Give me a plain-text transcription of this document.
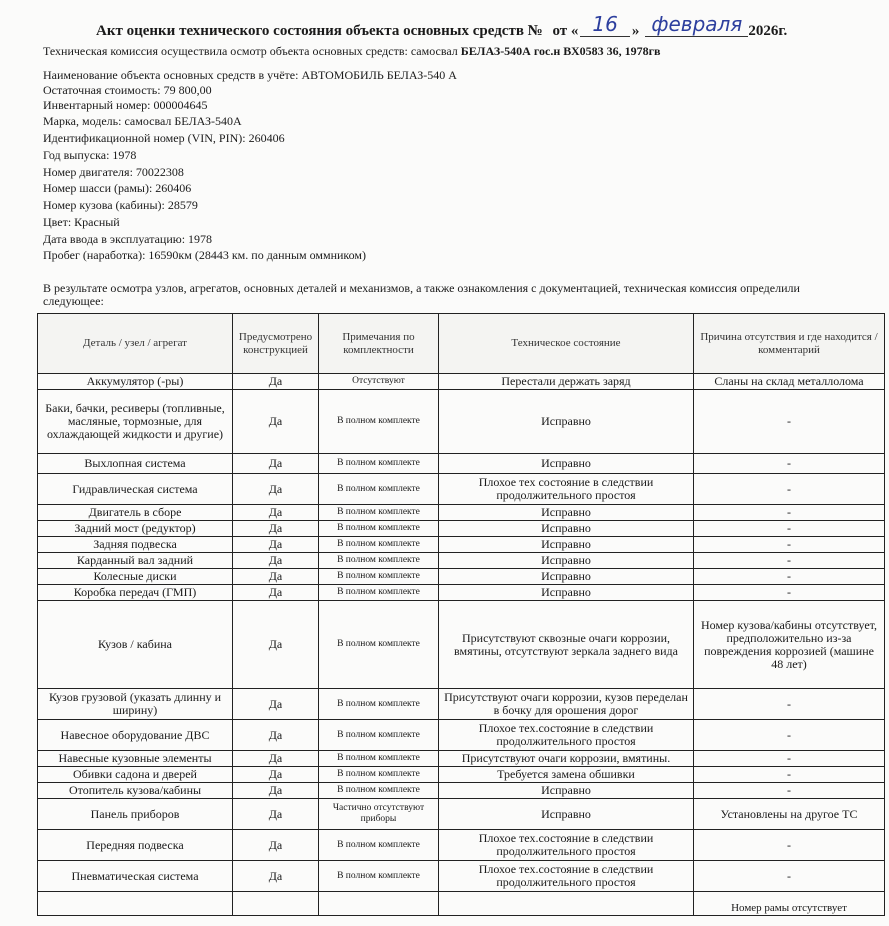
Акт оценки технического состояния объекта основных средств № от « 16 » февраля 2026г.
Техническая комиссия осуществила осмотр объекта основных средств: самосвал БЕЛАЗ-540А гос.н ВХ0583 36, 1978гв
Наименование объекта основных средств в учёте: АВТОМОБИЛЬ БЕЛАЗ-540 А
Остаточная стоимость: 79 800,00
Инвентарный номер: 000004645
Марка, модель: самосвал БЕЛАЗ-540А
Идентификационной номер (VIN, PIN): 260406
Год выпуска: 1978
Номер двигателя: 70022308
Номер шасси (рамы): 260406
Номер кузова (кабины): 28579
Цвет: Красный
Дата ввода в эксплуатацию: 1978
Пробег (наработка): 16590км (28443 км. по данным оммником)
В результате осмотра узлов, агрегатов, основных деталей и механизмов, а также ознакомления с документацией, техническая комиссия определили следующее:
Деталь / узел / агрегат	Предусмотрено конструкцией	Примечания по комплектности	Техническое состояние	Причина отсутствия и где находится / комментарий
Аккумулятор (-ры)	Да	Отсутствуют	Перестали держать заряд	Сланы на склад металлолома
Баки, бачки, ресиверы (топливные, масляные, тормозные, для охлаждающей жидкости и другие)	Да	В полном комплекте	Исправно	-
Выхлопная система	Да	В полном комплекте	Исправно	-
Гидравлическая система	Да	В полном комплекте	Плохое тех состояние в следствии продолжительного простоя	-
Двигатель в сборе	Да	В полном комплекте	Исправно	-
Задний мост (редуктор)	Да	В полном комплекте	Исправно	-
Задняя подвеска	Да	В полном комплекте	Исправно	-
Карданный вал задний	Да	В полном комплекте	Исправно	-
Колесные диски	Да	В полном комплекте	Исправно	-
Коробка передач (ГМП)	Да	В полном комплекте	Исправно	-
Кузов / кабина	Да	В полном комплекте	Присутствуют сквозные очаги коррозии, вмятины, отсутствуют зеркала заднего вида	Номер кузова/кабины отсутствует, предположительно из-за повреждения коррозией (машине 48 лет)
Кузов грузовой (указать длинну и ширину)	Да	В полном комплекте	Присутствуют очаги коррозии, кузов переделан в бочку для орошения дорог	-
Навесное оборудование ДВС	Да	В полном комплекте	Плохое тех.состояние в следствии продолжительного простоя	-
Навесные кузовные элементы	Да	В полном комплекте	Присутствуют очаги коррозии, вмятины.	-
Обивки садона и дверей	Да	В полном комплекте	Требуется замена обшивки	-
Отопитель кузова/кабины	Да	В полном комплекте	Исправно	-
Панель приборов	Да	Частично отсутствуют приборы	Исправно	Установлены на другое ТС
Передняя подвеска	Да	В полном комплекте	Плохое тех.состояние в следствии продолжительного простоя	-
Пневматическая система	Да	В полном комплекте	Плохое тех.состояние в следствии продолжительного простоя	-
				Номер рамы отсутствует
